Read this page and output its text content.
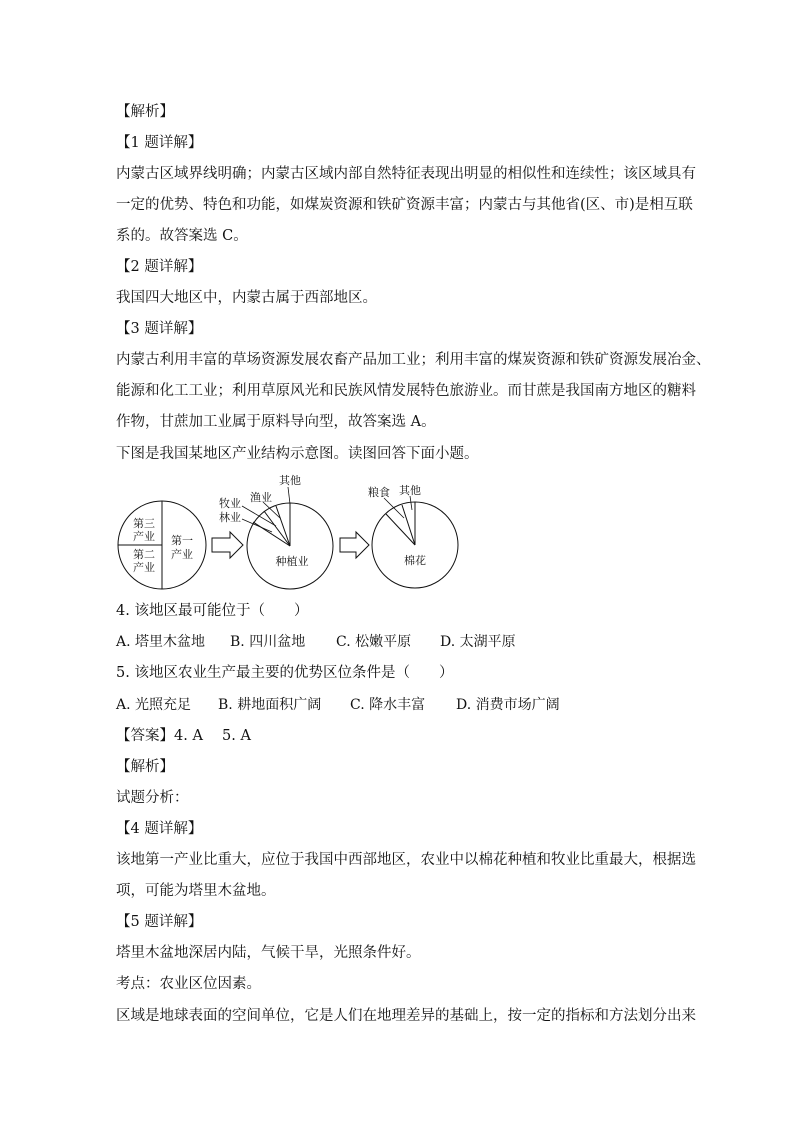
【解析】
【1 题详解】
内蒙古区域界线明确；内蒙古区域内部自然特征表现出明显的相似性和连续性；该区域具有
一定的优势、特色和功能，如煤炭资源和铁矿资源丰富；内蒙古与其他省(区、市)是相互联
系的。故答案选 C。
【2 题详解】
我国四大地区中，内蒙古属于西部地区。
【3 题详解】
内蒙古利用丰富的草场资源发展农畜产品加工业；利用丰富的煤炭资源和铁矿资源发展冶金、
能源和化工工业；利用草原风光和民族风情发展特色旅游业。而甘蔗是我国南方地区的糖料
作物，甘蔗加工业属于原料导向型，故答案选 A。
下图是我国某地区产业结构示意图。读图回答下面小题。
第三产业
第二产业
第一产业
其他
渔业
牧业
林业
种植业
粮食 其他
棉花
4. 该地区最可能位于（　　）
A. 塔里木盆地 B. 四川盆地 C. 松嫩平原 D. 太湖平原
5. 该地区农业生产最主要的优势区位条件是（　　）
A. 光照充足 B. 耕地面积广阔 C. 降水丰富 D. 消费市场广阔
【答案】4. A　 5. A
【解析】
试题分析：
【4 题详解】
该地第一产业比重大，应位于我国中西部地区，农业中以棉花种植和牧业比重最大，根据选
项，可能为塔里木盆地。
【5 题详解】
塔里木盆地深居内陆，气候干旱，光照条件好。
考点：农业区位因素。
区域是地球表面的空间单位，它是人们在地理差异的基础上，按一定的指标和方法划分出来
